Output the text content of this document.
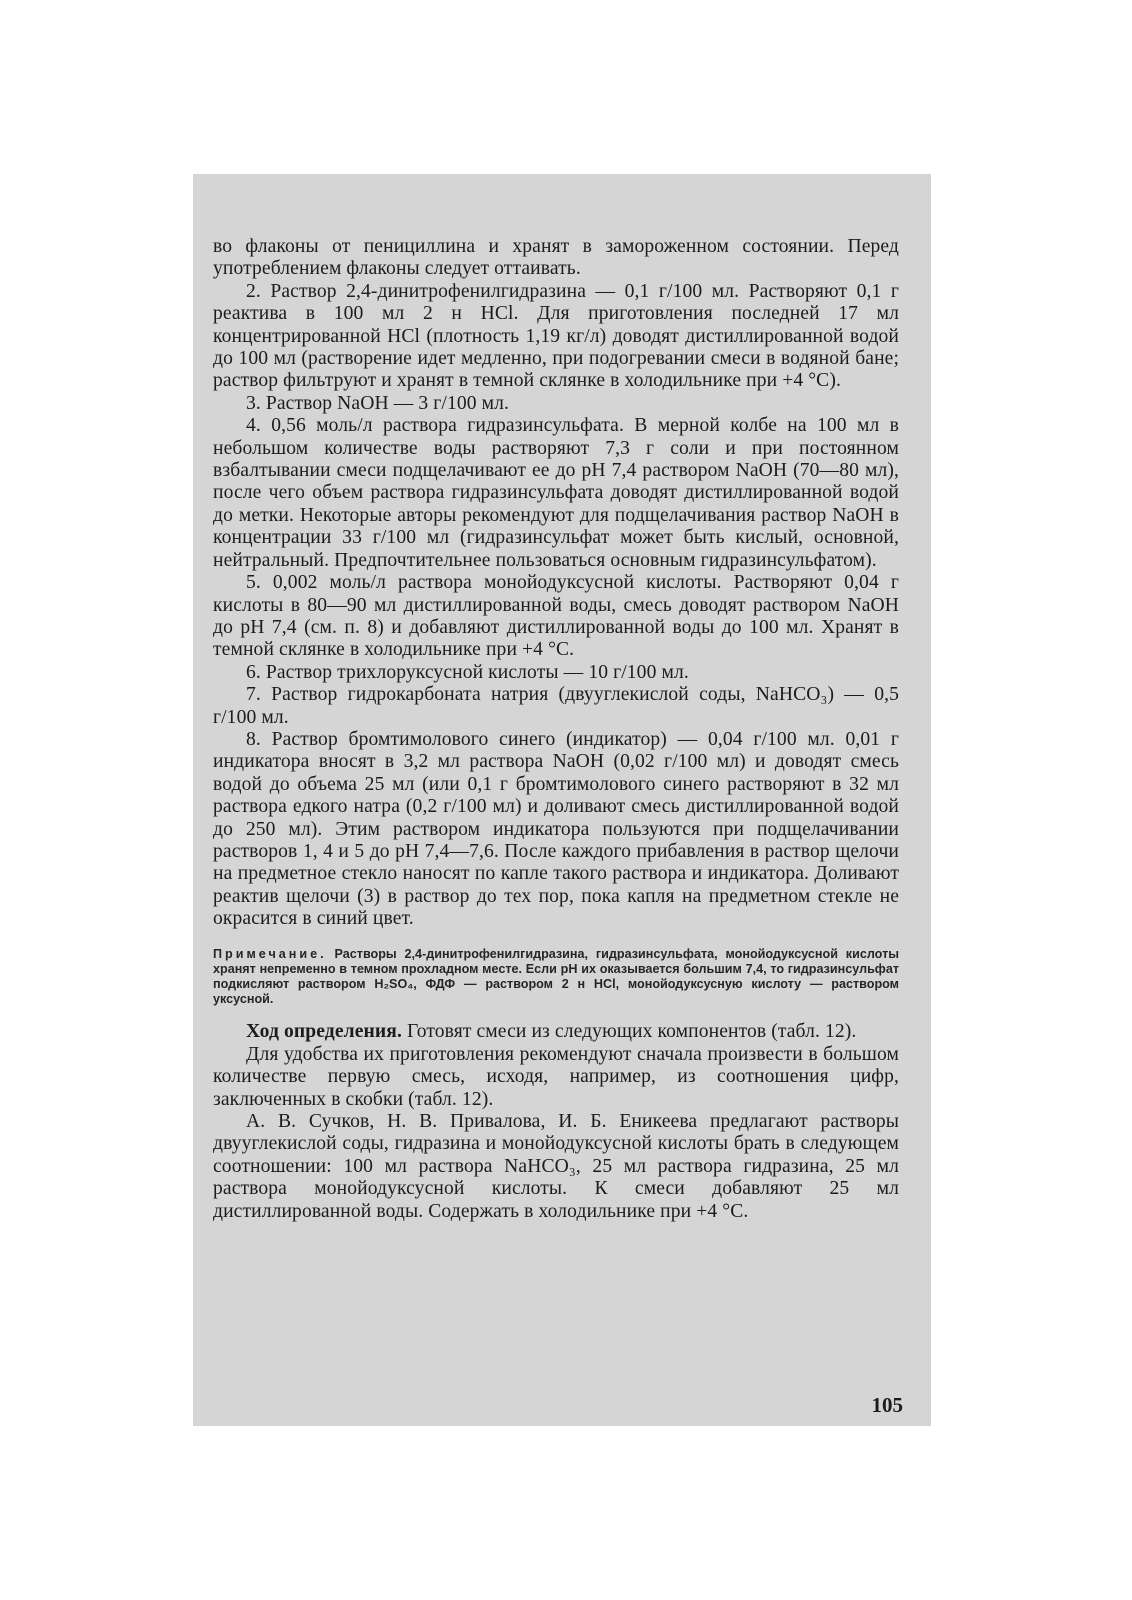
во флаконы от пенициллина и хранят в замороженном состоянии. Перед употреблением флаконы следует оттаивать.

2. Раствор 2,4-динитрофенилгидразина — 0,1 г/100 мл. Растворяют 0,1 г реактива в 100 мл 2 н HCl. Для приготовления последней 17 мл концентрированной HCl (плотность 1,19 кг/л) доводят дистиллированной водой до 100 мл (растворение идет медленно, при подогревании смеси в водяной бане; раствор фильтруют и хранят в темной склянке в холодильнике при +4 °С).

3. Раствор NaOH — 3 г/100 мл.

4. 0,56 моль/л раствора гидразинсульфата. В мерной колбе на 100 мл в небольшом количестве воды растворяют 7,3 г соли и при постоянном взбалтывании смеси подщелачивают ее до pH 7,4 раствором NaOH (70—80 мл), после чего объем раствора гидразинсульфата доводят дистиллированной водой до метки. Некоторые авторы рекомендуют для подщелачивания раствор NaOH в концентрации 33 г/100 мл (гидразинсульфат может быть кислый, основной, нейтральный. Предпочтительнее пользоваться основным гидразинсульфатом).

5. 0,002 моль/л раствора монойодуксусной кислоты. Растворяют 0,04 г кислоты в 80—90 мл дистиллированной воды, смесь доводят раствором NaOH до pH 7,4 (см. п. 8) и добавляют дистиллированной воды до 100 мл. Хранят в темной склянке в холодильнике при +4 °С.

6. Раствор трихлоруксусной кислоты — 10 г/100 мл.

7. Раствор гидрокарбоната натрия (двууглекислой соды, NaHCO₃) — 0,5 г/100 мл.

8. Раствор бромтимолового синего (индикатор) — 0,04 г/100 мл. 0,01 г индикатора вносят в 3,2 мл раствора NaOH (0,02 г/100 мл) и доводят смесь водой до объема 25 мл (или 0,1 г бромтимолового синего растворяют в 32 мл раствора едкого натра (0,2 г/100 мл) и доливают смесь дистиллированной водой до 250 мл). Этим раствором индикатора пользуются при подщелачивании растворов 1, 4 и 5 до pH 7,4—7,6. После каждого прибавления в раствор щелочи на предметное стекло наносят по капле такого раствора и индикатора. Доливают реактив щелочи (3) в раствор до тех пор, пока капля на предметном стекле не окрасится в синий цвет.

Примечание. Растворы 2,4-динитрофенилгидразина, гидразинсульфата, монойодуксусной кислоты хранят непременно в темном прохладном месте. Если pH их оказывается большим 7,4, то гидразинсульфат подкисляют раствором H₂SO₄, ФДФ — раствором 2 н HCl, монойодуксусную кислоту — раствором уксусной.

Ход определения. Готовят смеси из следующих компонентов (табл. 12).

Для удобства их приготовления рекомендуют сначала произвести в большом количестве первую смесь, исходя, например, из соотношения цифр, заключенных в скобки (табл. 12).

А. В. Сучков, Н. В. Привалова, И. Б. Еникеева предлагают растворы двууглекислой соды, гидразина и монойодуксусной кислоты брать в следующем соотношении: 100 мл раствора NaHCO₃, 25 мл раствора гидразина, 25 мл раствора монойодуксусной кислоты. К смеси добавляют 25 мл дистиллированной воды. Содержать в холодильнике при +4 °С.

105
